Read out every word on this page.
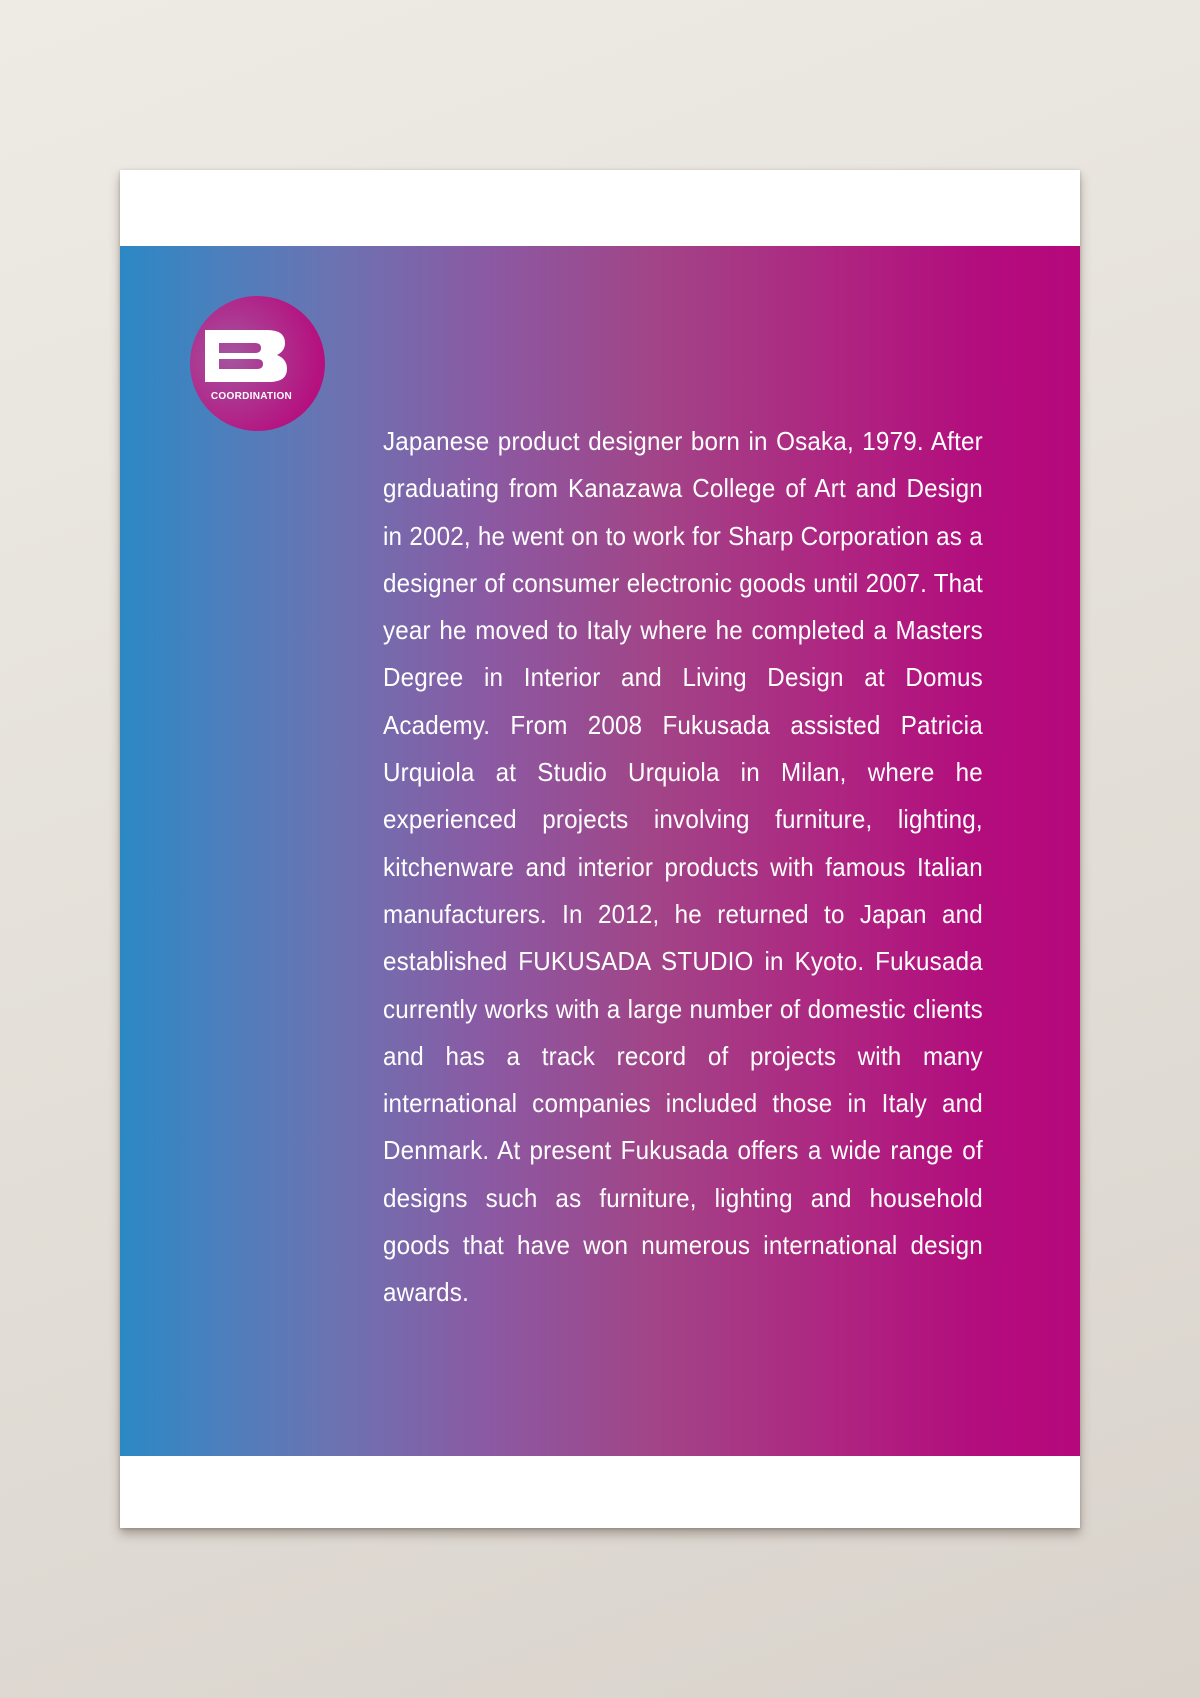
COORDINATION

Japanese product designer born in Osaka, 1979. After graduating from Kanazawa College of Art and Design in 2002, he went on to work for Sharp Corporation as a designer of consumer electronic goods until 2007. That year he moved to Italy where he completed a Masters Degree in Interior and Living Design at Domus Academy. From 2008 Fukusada assisted Patricia Urquiola at Studio Urquiola in Milan, where he experienced projects involving furniture, lighting, kitchenware and interior products with famous Italian manufacturers. In 2012, he returned to Japan and established FUKUSADA STUDIO in Kyoto. Fukusada currently works with a large number of domestic clients and has a track record of projects with many international companies included those in Italy and Denmark. At present Fukusada offers a wide range of designs such as furniture, lighting and household goods that have won numerous international design awards.
